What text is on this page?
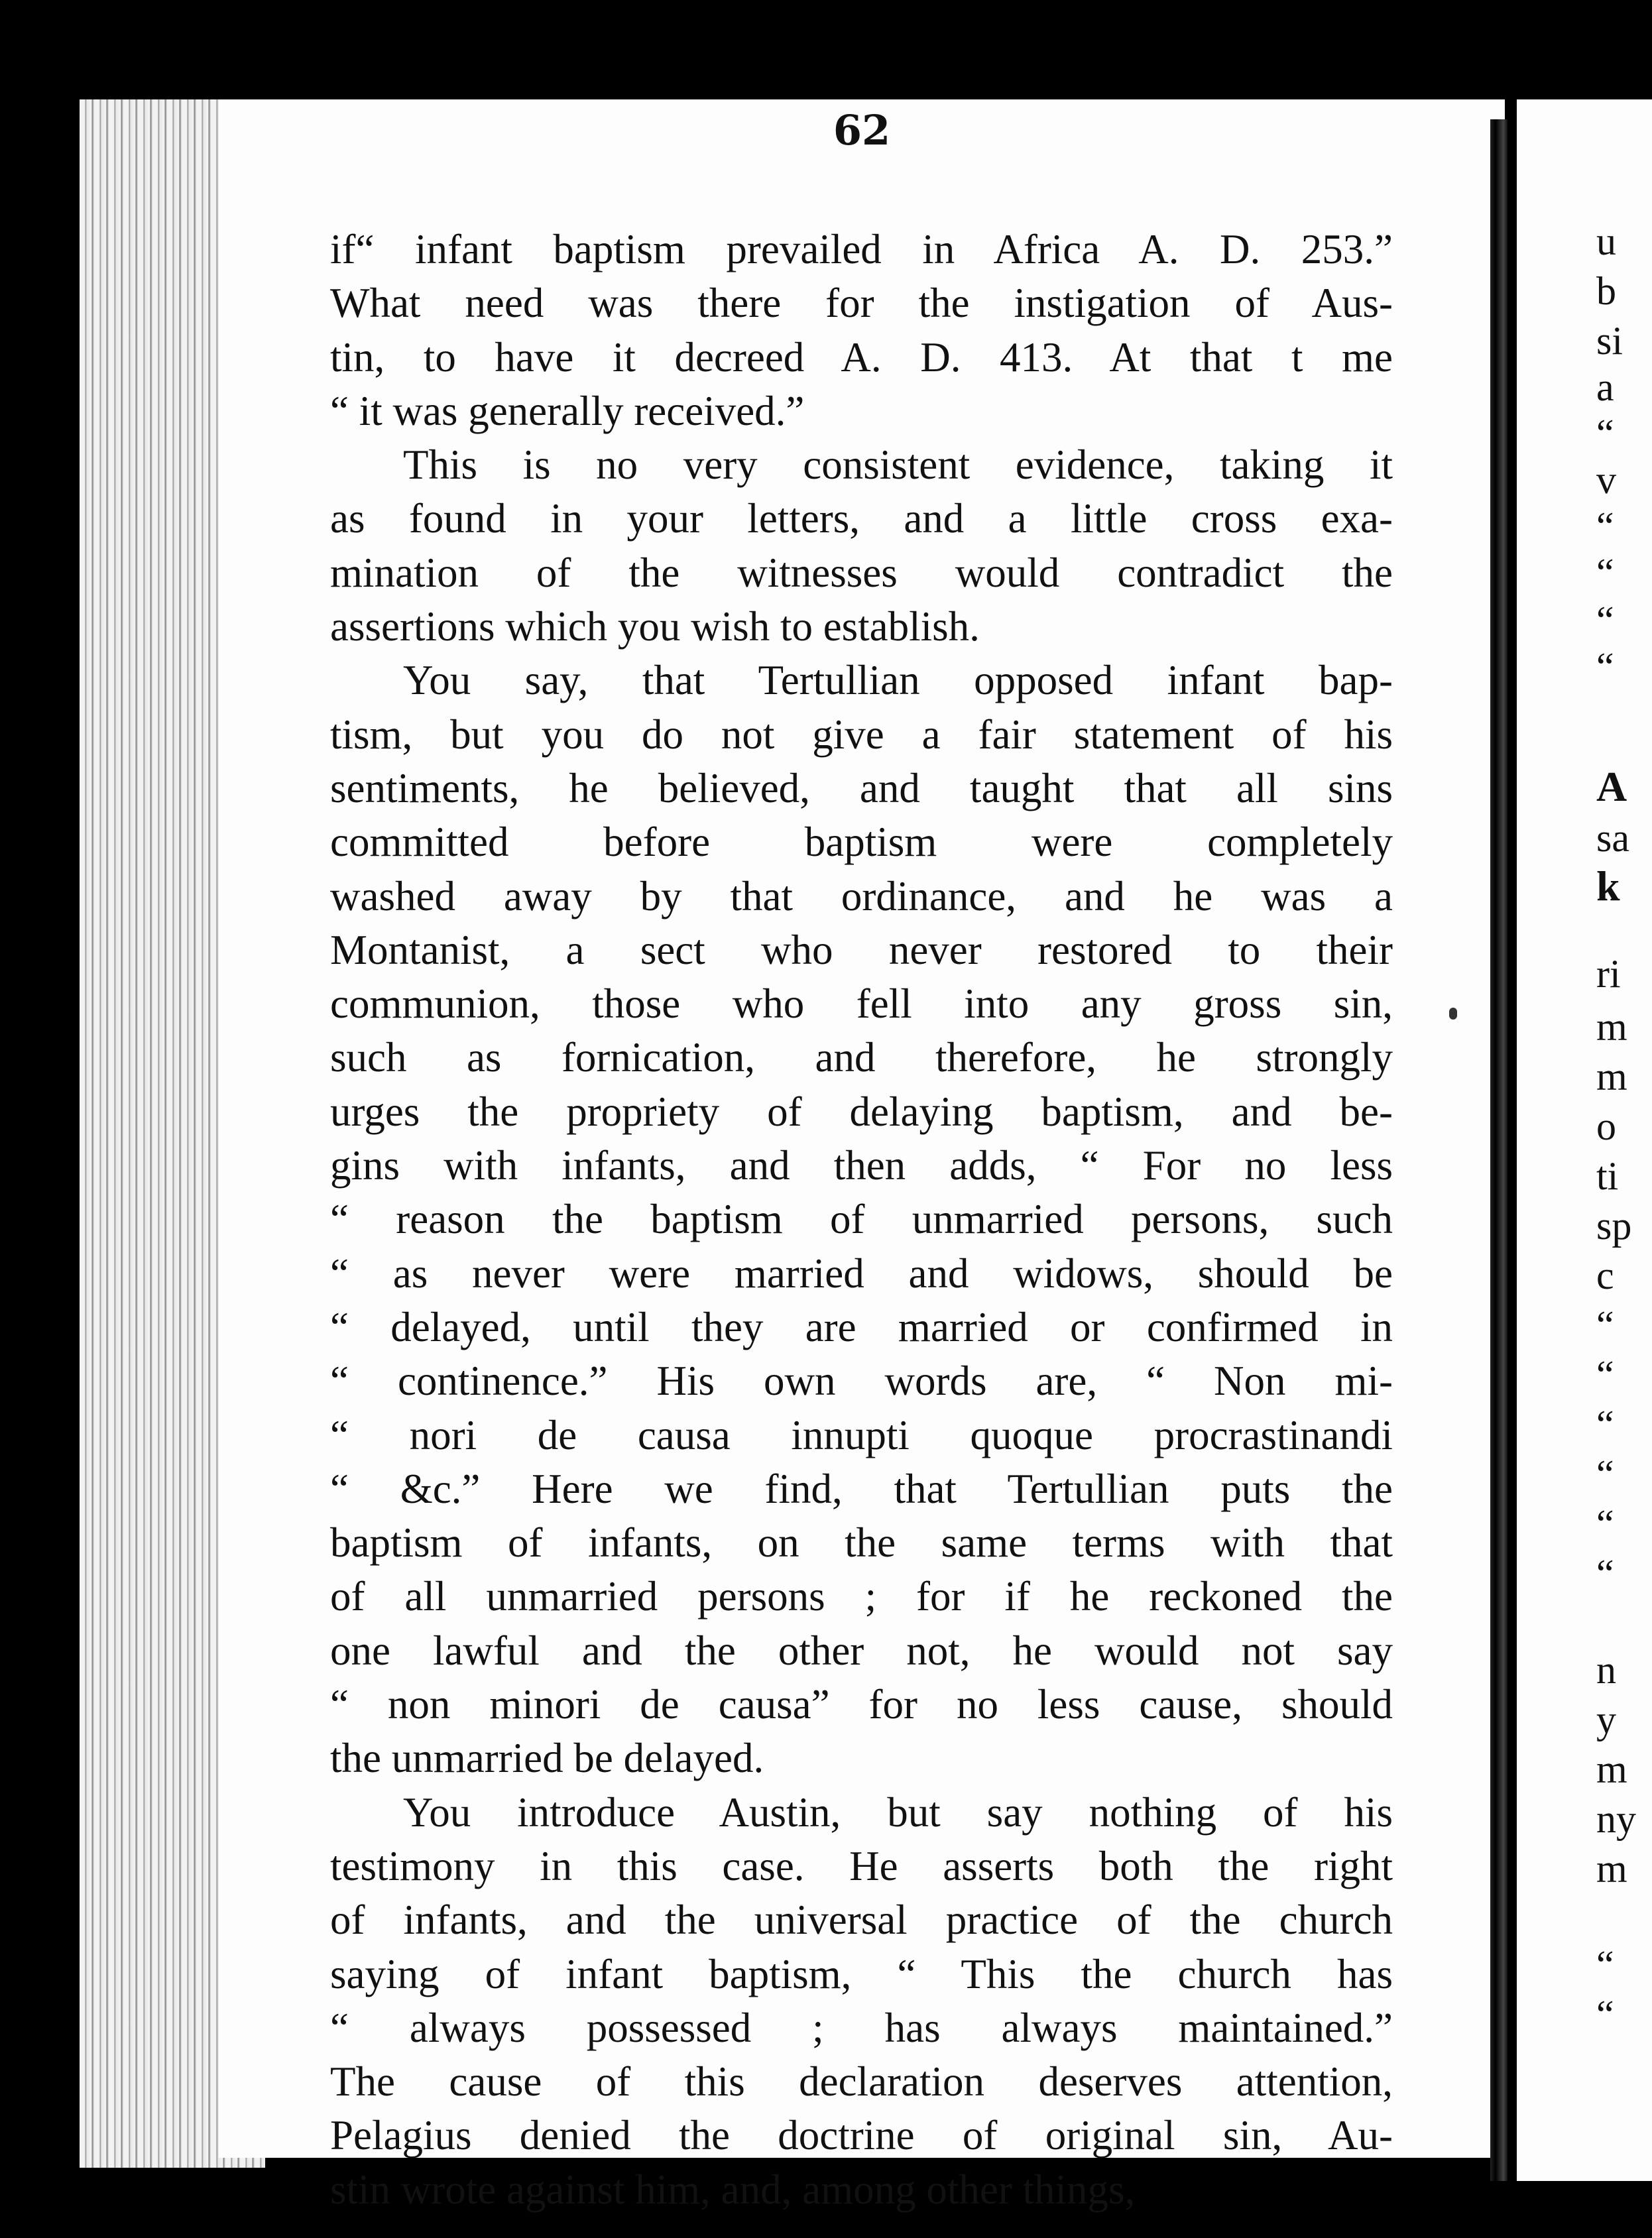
62
if“ infant baptism prevailed in Africa A. D. 253.”
What need was there for the instigation of Aus-
tin, to have it decreed A. D. 413. At that t me
“ it was generally received.”
This is no very consistent evidence, taking it
as found in your letters, and a little cross exa-
mination of the witnesses would contradict the
assertions which you wish to establish.
You say, that Tertullian opposed infant bap-
tism, but you do not give a fair statement of his
sentiments, he believed, and taught that all sins
committed before baptism were completely
washed away by that ordinance, and he was a
Montanist, a sect who never restored to their
communion, those who fell into any gross sin,
such as fornication, and therefore, he strongly
urges the propriety of delaying baptism, and be-
gins with infants, and then adds, “ For no less
“ reason the baptism of unmarried persons, such
“ as never were married and widows, should be
“ delayed, until they are married or confirmed in
“ continence.” His own words are, “ Non mi-
“ nori de causa innupti quoque procrastinandi
“ &c.” Here we find, that Tertullian puts the
baptism of infants, on the same terms with that
of all unmarried persons ; for if he reckoned the
one lawful and the other not, he would not say
“ non minori de causa” for no less cause, should
the unmarried be delayed.
You introduce Austin, but say nothing of his
testimony in this case. He asserts both the right
of infants, and the universal practice of the church
saying of infant baptism, “ This the church has
“ always possessed ; has always maintained.”
The cause of this declaration deserves attention,
Pelagius denied the doctrine of original sin, Au-
stin wrote against him, and, among other things,
u
b
si
a
“
v
“
“
“
“
A
sa
k
ri
m
m
o
ti
sp
c
“
“
“
“
“
“
n
y
m
ny
m
“
“
